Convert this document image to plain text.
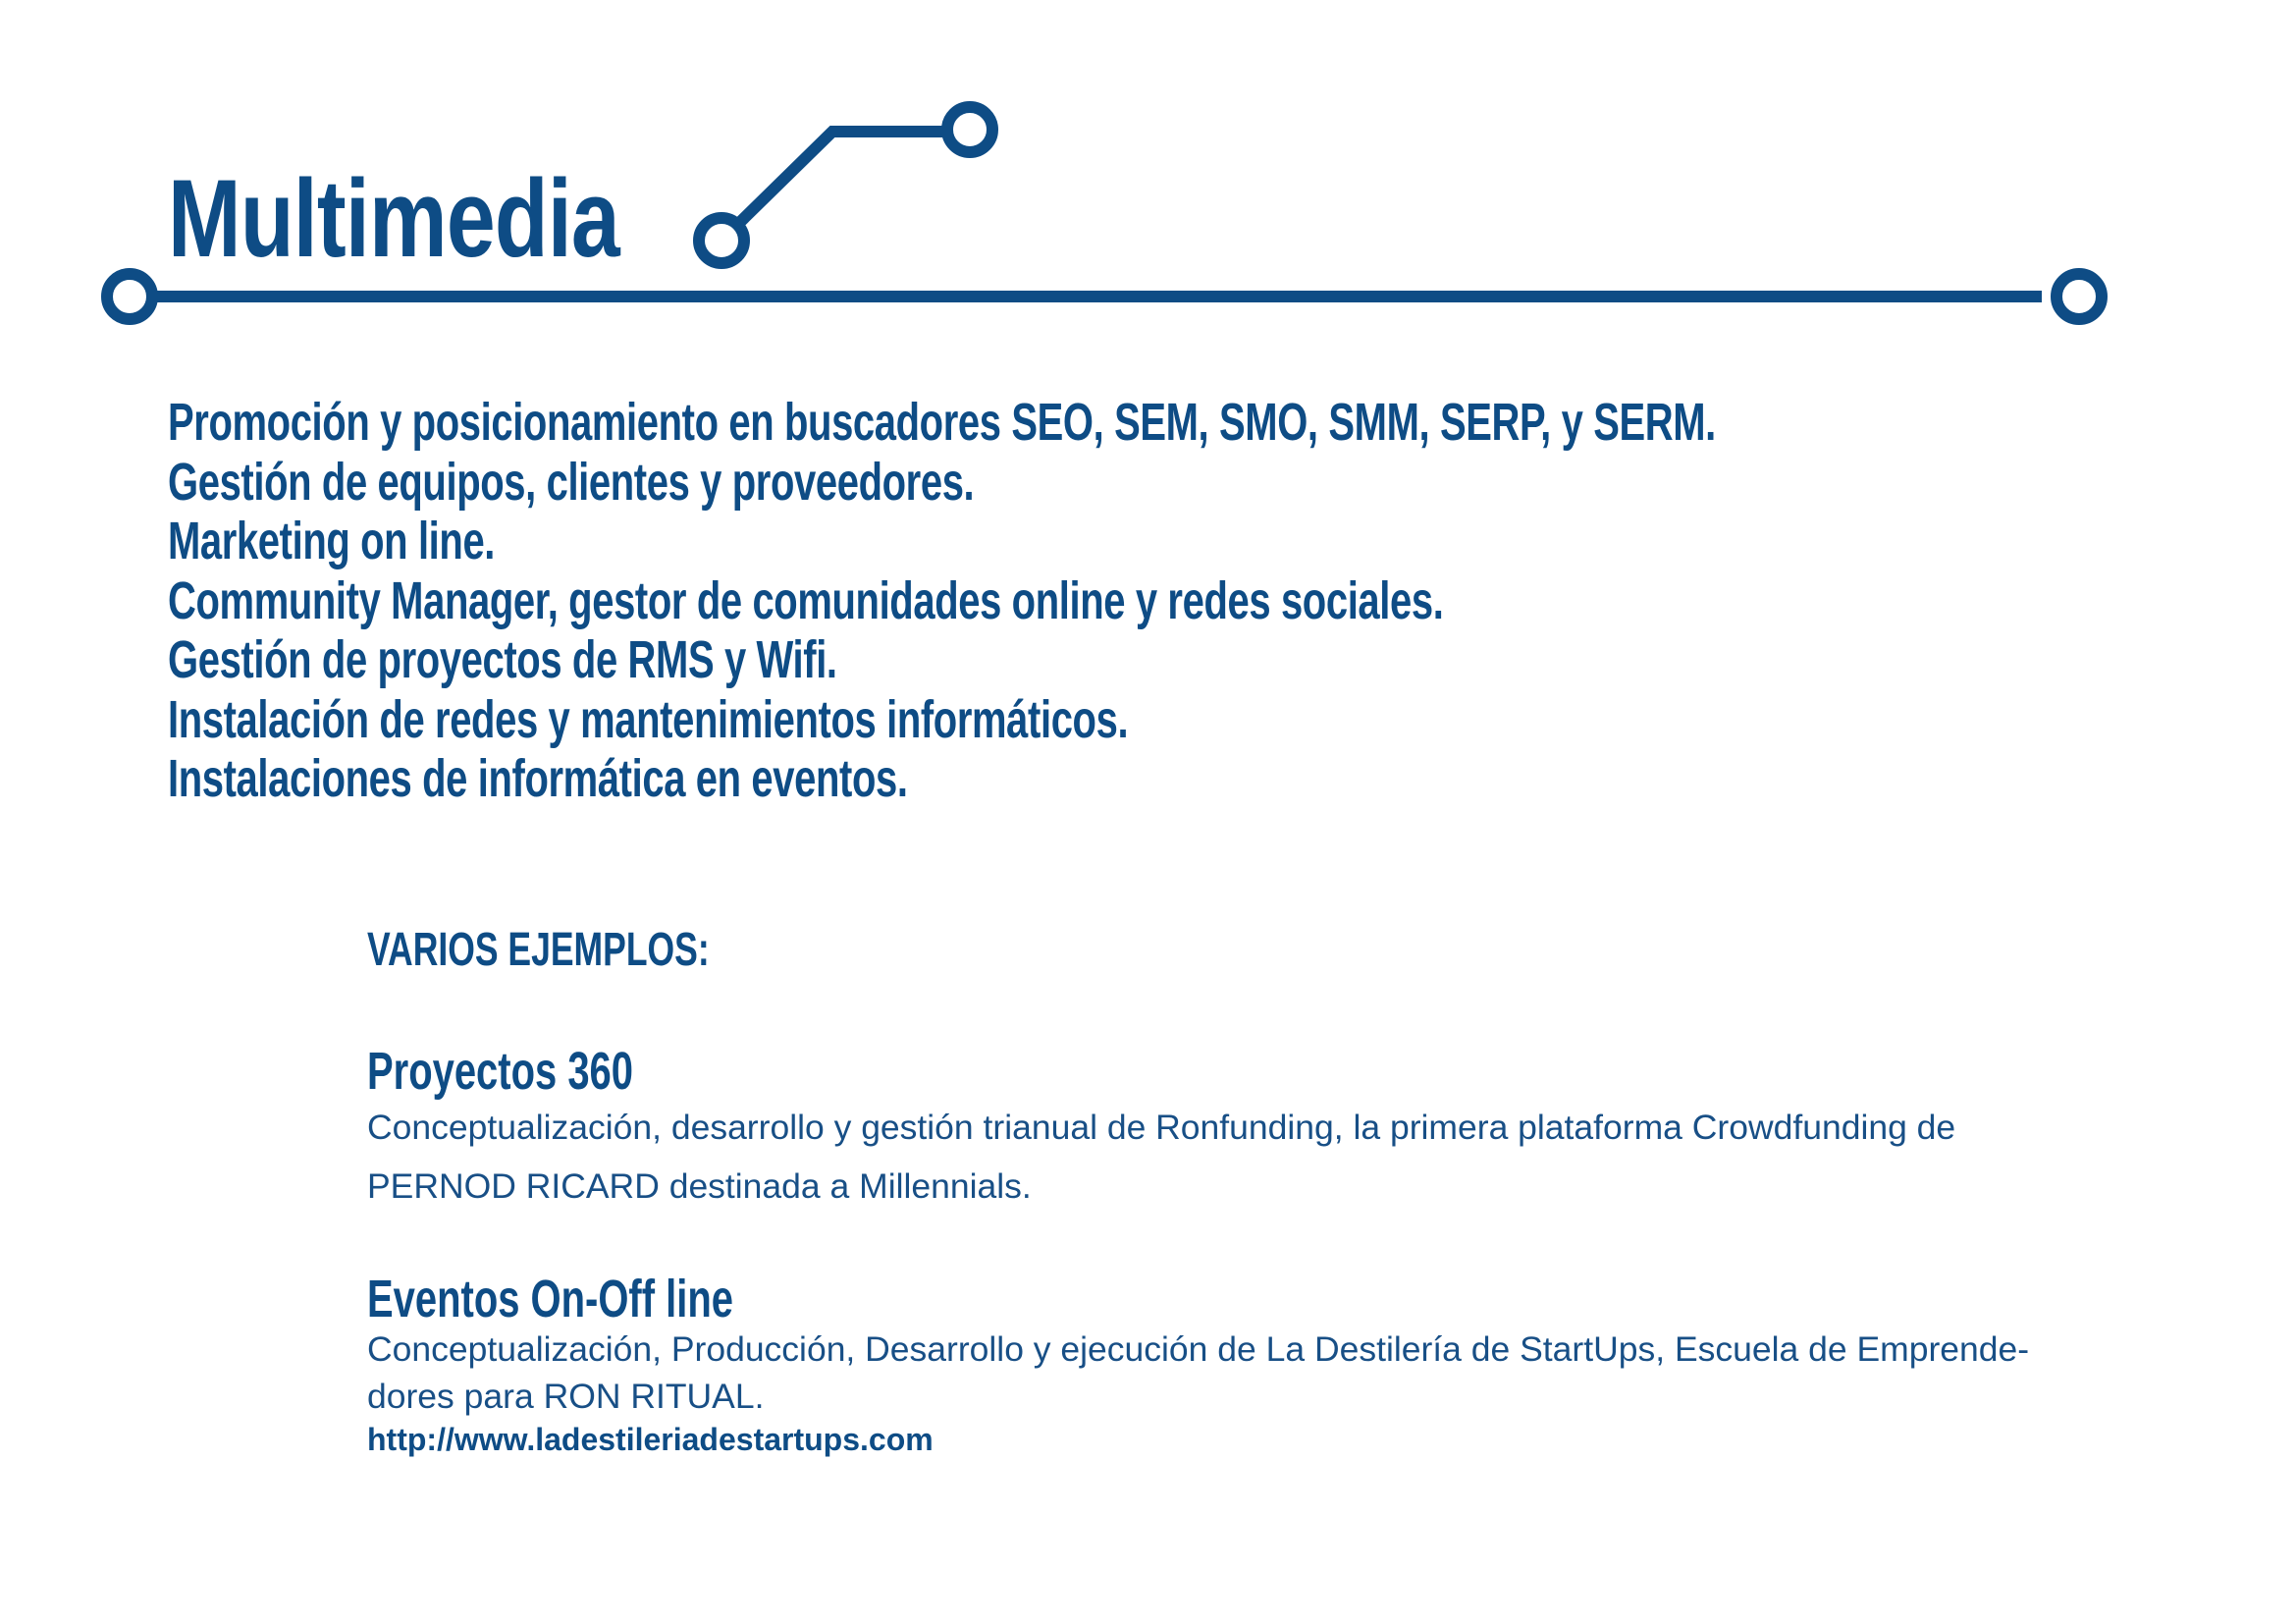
Multimedia
Promoción y posicionamiento en buscadores SEO, SEM, SMO, SMM, SERP, y SERM.
Gestión de equipos, clientes y proveedores.
Marketing on line.
Community Manager, gestor de comunidades online y redes sociales.
Gestión de proyectos de RMS y Wifi.
Instalación de redes y mantenimientos informáticos.
Instalaciones de informática en eventos.
VARIOS EJEMPLOS:
Proyectos 360

Conceptualización, desarrollo y gestión trianual de Ronfunding, la primera plataforma Crowdfunding de
PERNOD RICARD destinada a Millennials.

Eventos On-Off line

Conceptualización, Producción, Desarrollo y ejecución de La Destilería de StartUps, Escuela de Emprende-
dores para RON RITUAL.

http://www.ladestileriadestartups.com
